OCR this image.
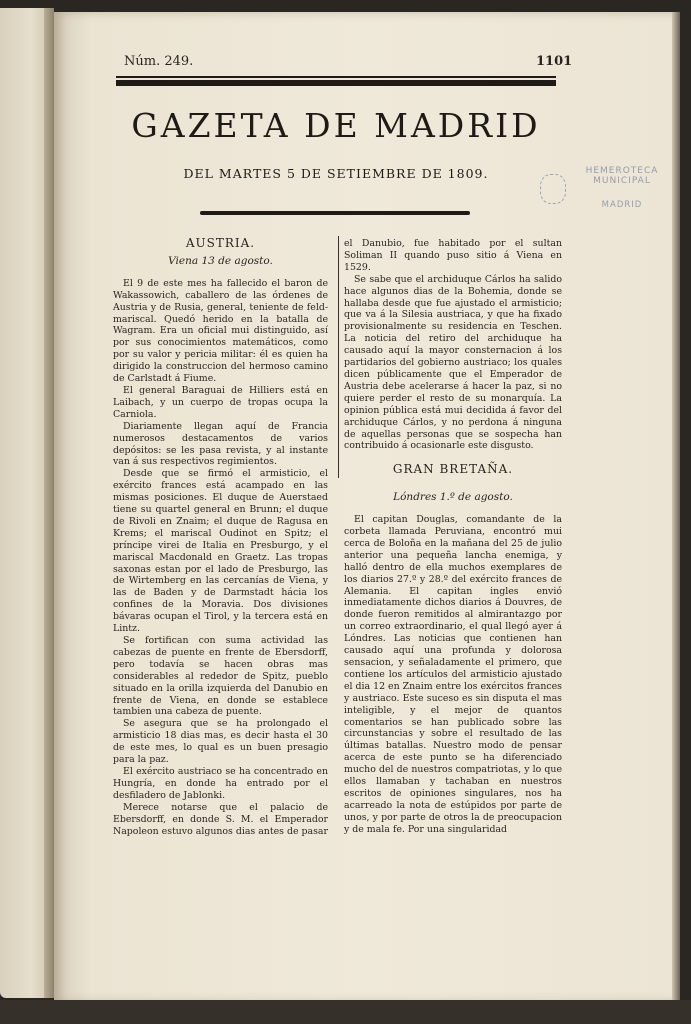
Núm. 249.	1101
GAZETA DE MADRID
DEL MARTES 5 DE SETIEMBRE DE 1809.	HEMEROTECA
MUNICIPAL
MADRID

AUSTRIA.

Viena 13 de agosto.

El 9 de este mes ha fallecido el baron de Wakassowich, caballero de las órdenes de Austria y de Rusia, general, teniente de feld-mariscal. Quedó herido en la batalla de Wagram. Era un oficial mui distinguido, así por sus conocimientos matemáticos, como por su valor y pericia militar: él es quien ha dirigido la construccion del hermoso camino de Carlstadt á Fiume.

El general Baraguai de Hilliers está en Laibach, y un cuerpo de tropas ocupa la Carniola.

Diariamente llegan aquí de Francia numerosos destacamentos de varios depósitos: se les pasa revista, y al instante van á sus respectivos regimientos.

Desde que se firmó el armisticio, el exército frances está acampado en las mismas posiciones. El duque de Auerstaed tiene su quartel general en Brunn; el duque de Rivoli en Znaim; el duque de Ragusa en Krems; el mariscal Oudinot en Spitz; el príncipe virei de Italia en Presburgo, y el mariscal Macdonald en Graetz. Las tropas saxonas estan por el lado de Presburgo, las de Wirtemberg en las cercanías de Viena, y las de Baden y de Darmstadt hácia los confines de la Moravia. Dos divisiones bávaras ocupan el Tirol, y la tercera está en Lintz.

Se fortifican con suma actividad las cabezas de puente en frente de Ebersdorff, pero todavía se hacen obras mas considerables al rededor de Spitz, pueblo situado en la orilla izquierda del Danubio en frente de Viena, en donde se establece tambien una cabeza de puente.

Se asegura que se ha prolongado el armisticio 18 dias mas, es decir hasta el 30 de este mes, lo qual es un buen presagio para la paz.

El exército austriaco se ha concentrado en Hungría, en donde ha entrado por el desfiladero de Jablonki.

Merece notarse que el palacio de Ebersdorff, en donde S. M. el Emperador Napoleon estuvo algunos dias antes de pasar

el Danubio, fue habitado por el sultan Soliman II quando puso sitio á Viena en 1529.

Se sabe que el archiduque Cárlos ha salido hace algunos dias de la Bohemia, donde se hallaba desde que fue ajustado el armisticio; que va á la Silesia austriaca, y que ha fixado provisionalmente su residencia en Teschen. La noticia del retiro del archiduque ha causado aquí la mayor consternacion á los partidarios del gobierno austriaco; los quales dicen públicamente que el Emperador de Austria debe acelerarse á hacer la paz, si no quiere perder el resto de su monarquía. La opinion pública está mui decidida á favor del archiduque Cárlos, y no perdona á ninguna de aquellas personas que se sospecha han contribuido á ocasionarle este disgusto.

GRAN BRETAÑA.

Lóndres 1.º de agosto.

El capitan Douglas, comandante de la corbeta llamada Peruviana, encontró mui cerca de Boloña en la mañana del 25 de julio anterior una pequeña lancha enemiga, y halló dentro de ella muchos exemplares de los diarios 27.º y 28.º del exército frances de Alemania. El capitan ingles envió inmediatamente dichos diarios á Douvres, de donde fueron remitidos al almirantazgo por un correo extraordinario, el qual llegó ayer á Lóndres. Las noticias que contienen han causado aquí una profunda y dolorosa sensacion, y señaladamente el primero, que contiene los artículos del armisticio ajustado el dia 12 en Znaim entre los exércitos frances y austriaco. Este suceso es sin disputa el mas inteligible, y el mejor de quantos comentarios se han publicado sobre las circunstancias y sobre el resultado de las últimas batallas. Nuestro modo de pensar acerca de este punto se ha diferenciado mucho del de nuestros compatriotas, y lo que ellos llamaban y tachaban en nuestros escritos de opiniones singulares, nos ha acarreado la nota de estúpidos por parte de unos, y por parte de otros la de preocupacion y de mala fe. Por una singularidad
